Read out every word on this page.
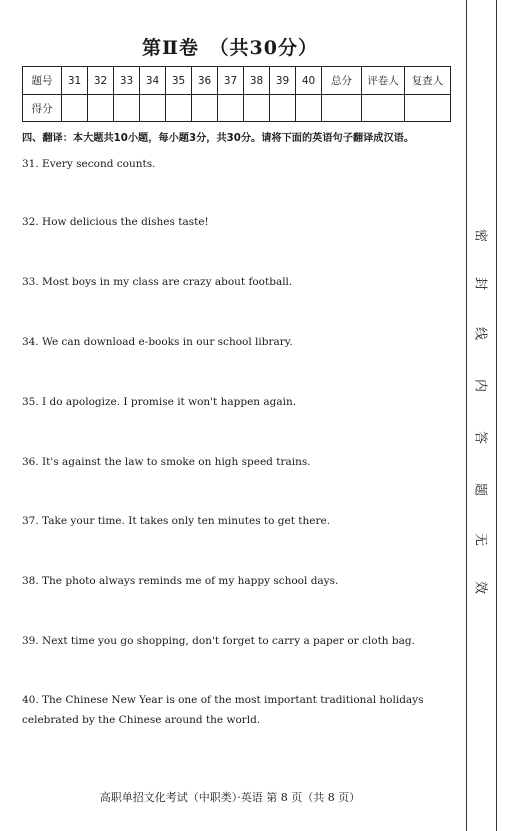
第Ⅱ卷　（共30分）
题号	31	32	33	34	35	36	37	38	39	40	总分	评卷人	复查人
得分													
四、翻译：本大题共10小题，每小题3分，共30分。请将下面的英语句子翻译成汉语。
31. Every second counts.
32. How delicious the dishes taste!
33. Most boys in my class are crazy about football.
34. We can download e-books in our school library.
35. I do apologize. I promise it won't happen again.
36. It's against the law to smoke on high speed trains.
37. Take your time. It takes only ten minutes to get there.
38. The photo always reminds me of my happy school days.
39. Next time you go shopping, don't forget to carry a paper or cloth bag.
40. The Chinese New Year is one of the most important traditional holidays celebrated by the Chinese around the world.
高职单招文化考试（中职类）·英语 第 8 页（共 8 页）
密
封
线
内
答
题
无
效
